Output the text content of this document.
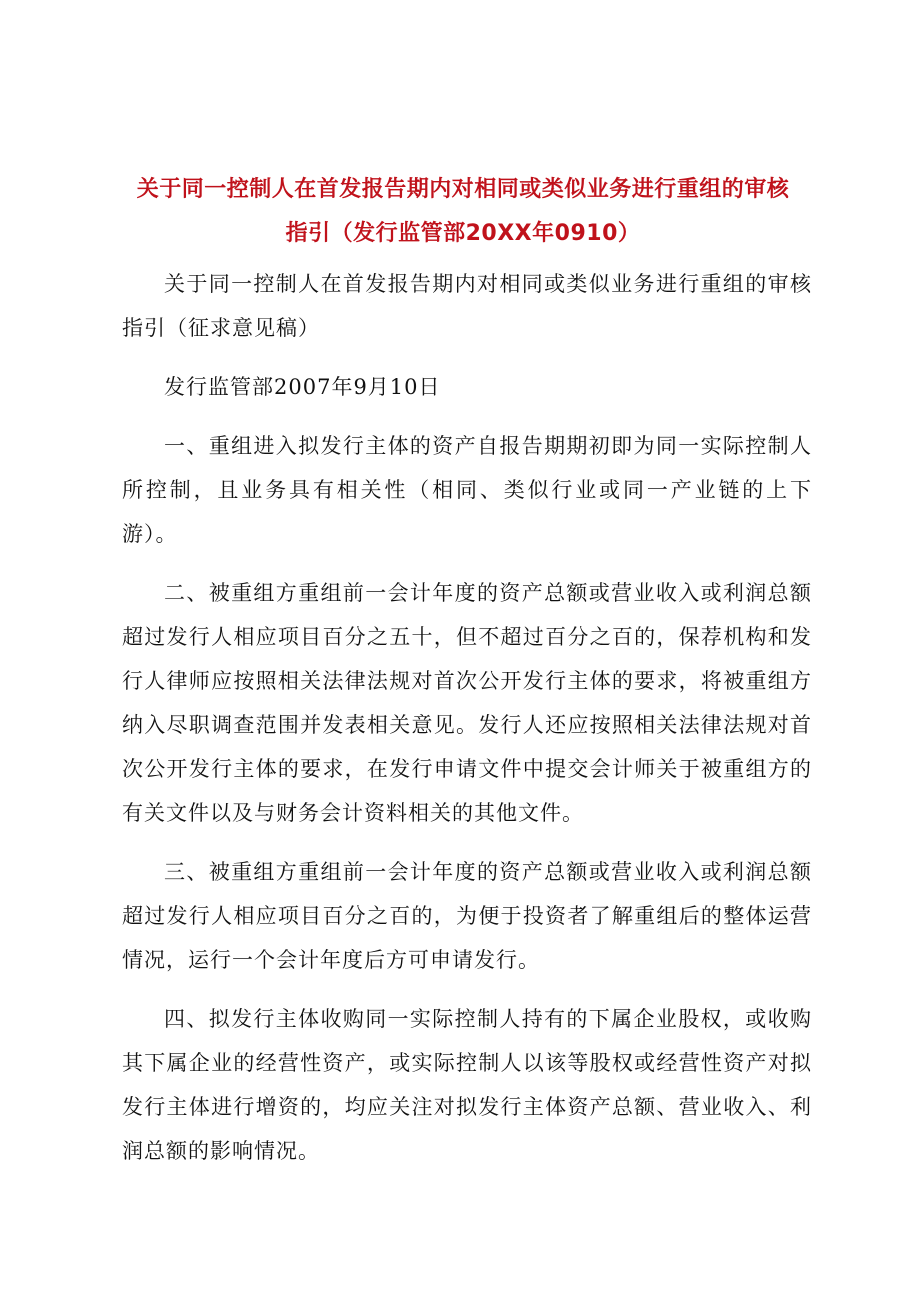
关于同一控制人在首发报告期内对相同或类似业务进行重组的审核
指引（发行监管部20XX年0910）

关于同一控制人在首发报告期内对相同或类似业务进行重组的审核指引（征求意见稿）

发行监管部2007年9月10日

一、重组进入拟发行主体的资产自报告期期初即为同一实际控制人所控制，且业务具有相关性（相同、类似行业或同一产业链的上下游）。

二、被重组方重组前一会计年度的资产总额或营业收入或利润总额超过发行人相应项目百分之五十，但不超过百分之百的，保荐机构和发行人律师应按照相关法律法规对首次公开发行主体的要求，将被重组方纳入尽职调查范围并发表相关意见。发行人还应按照相关法律法规对首次公开发行主体的要求，在发行申请文件中提交会计师关于被重组方的有关文件以及与财务会计资料相关的其他文件。

三、被重组方重组前一会计年度的资产总额或营业收入或利润总额超过发行人相应项目百分之百的，为便于投资者了解重组后的整体运营情况，运行一个会计年度后方可申请发行。

四、拟发行主体收购同一实际控制人持有的下属企业股权，或收购其下属企业的经营性资产，或实际控制人以该等股权或经营性资产对拟发行主体进行增资的，均应关注对拟发行主体资产总额、营业收入、利润总额的影响情况。
